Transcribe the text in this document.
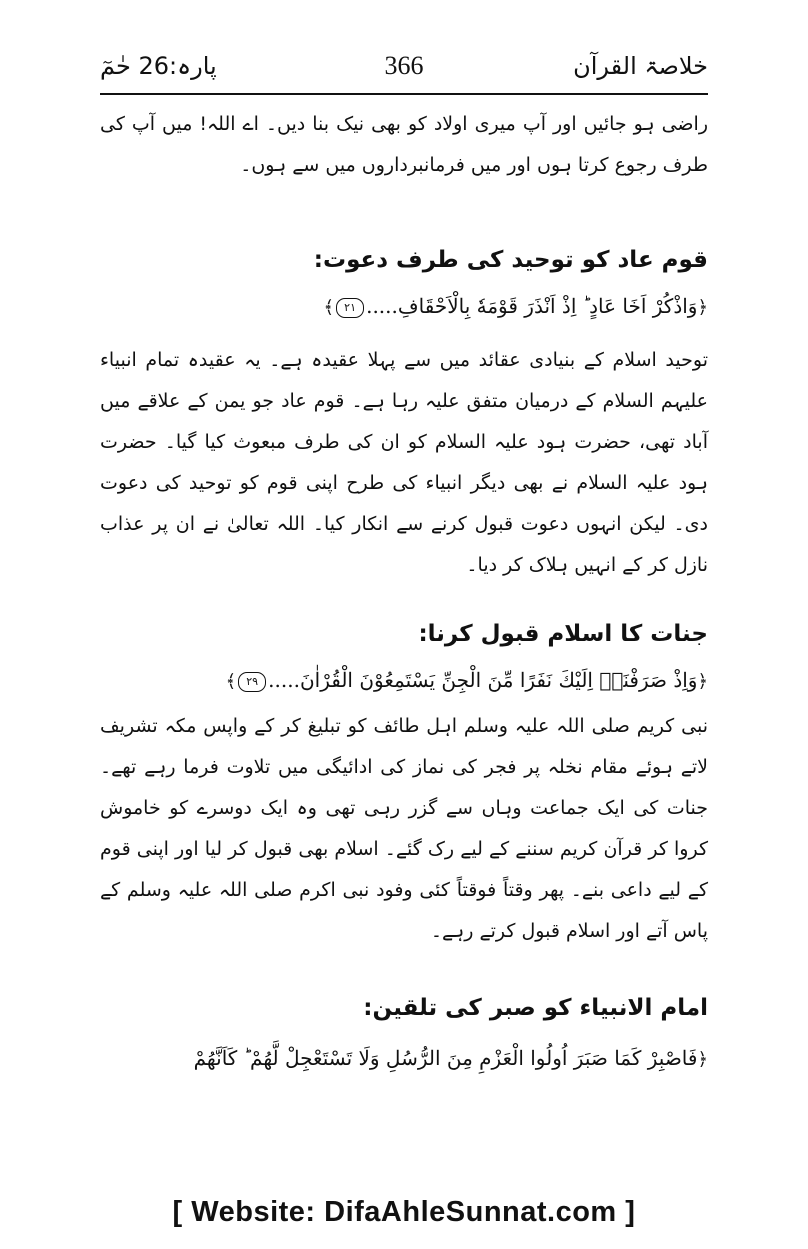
خلاصۃ القرآن
366
پارہ:26 حٰمٓ

راضی ہو جائیں اور آپ میری اولاد کو بھی نیک بنا دیں۔ اے اللہ! میں آپ کی طرف رجوع کرتا ہوں اور میں فرمانبرداروں میں سے ہوں۔

قوم عاد کو توحید کی طرف دعوت:

﴿وَاذْكُرْ اَخَا عَادٍ ؕ اِذْ اَنْذَرَ قَوْمَهٗ بِالْاَحْقَافِ.....٢١﴾

توحید اسلام کے بنیادی عقائد میں سے پہلا عقیدہ ہے۔ یہ عقیدہ تمام انبیاء علیہم السلام کے درمیان متفق علیہ رہا ہے۔ قوم عاد جو یمن کے علاقے میں آباد تھی، حضرت ہود علیہ السلام کو ان کی طرف مبعوث کیا گیا۔ حضرت ہود علیہ السلام نے بھی دیگر انبیاء کی طرح اپنی قوم کو توحید کی دعوت دی۔ لیکن انہوں دعوت قبول کرنے سے انکار کیا۔ اللہ تعالیٰ نے ان پر عذاب نازل کر کے انہیں ہلاک کر دیا۔

جنات کا اسلام قبول کرنا:

﴿وَاِذْ صَرَفْنَاۤ اِلَيْكَ نَفَرًا مِّنَ الْجِنِّ يَسْتَمِعُوْنَ الْقُرْاٰنَ.....٢٩﴾

نبی کریم صلی اللہ علیہ وسلم اہل طائف کو تبلیغ کر کے واپس مکہ تشریف لاتے ہوئے مقام نخلہ پر فجر کی نماز کی ادائیگی میں تلاوت فرما رہے تھے۔ جنات کی ایک جماعت وہاں سے گزر رہی تھی وہ ایک دوسرے کو خاموش کروا کر قرآن کریم سننے کے لیے رک گئے۔ اسلام بھی قبول کر لیا اور اپنی قوم کے لیے داعی بنے۔ پھر وقتاً فوقتاً کئی وفود نبی اکرم صلی اللہ علیہ وسلم کے پاس آتے اور اسلام قبول کرتے رہے۔

امام الانبیاء کو صبر کی تلقین:

﴿فَاصْبِرْ كَمَا صَبَرَ اُولُوا الْعَزْمِ مِنَ الرُّسُلِ وَلَا تَسْتَعْجِلْ لَّهُمْ ؕ كَاَنَّهُمْ

[ Website: DifaAhleSunnat.com ]
